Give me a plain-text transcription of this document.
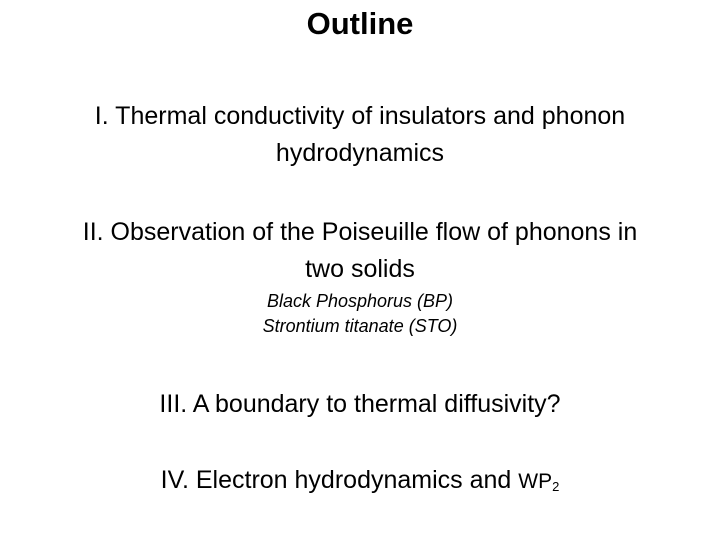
Outline
I. Thermal conductivity of insulators and phonon
hydrodynamics
II. Observation of the Poiseuille flow of phonons in
two solids
Black Phosphorus (BP)
Strontium titanate (STO)
III. A boundary to thermal diffusivity?
IV. Electron hydrodynamics and $WP_2$
